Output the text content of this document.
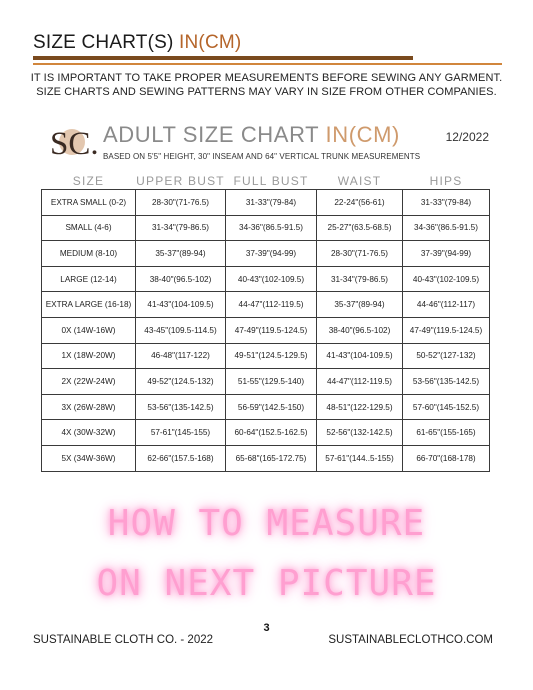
SIZE CHART(S) IN(CM)
IT IS IMPORTANT TO TAKE PROPER MEASUREMENTS BEFORE SEWING ANY GARMENT.
SIZE CHARTS AND SEWING PATTERNS MAY VARY IN SIZE FROM OTHER COMPANIES.
SC. ADULT SIZE CHART IN(CM)	12/2022
BASED ON 5'5" HEIGHT, 30" INSEAM AND 64" VERTICAL TRUNK MEASUREMENTS
SIZE	UPPER BUST	FULL BUST	WAIST	HIPS
EXTRA SMALL (0-2)	28-30"(71-76.5)	31-33"(79-84)	22-24"(56-61)	31-33"(79-84)
SMALL (4-6)	31-34"(79-86.5)	34-36"(86.5-91.5)	25-27"(63.5-68.5)	34-36"(86.5-91.5)
MEDIUM (8-10)	35-37"(89-94)	37-39"(94-99)	28-30"(71-76.5)	37-39"(94-99)
LARGE (12-14)	38-40"(96.5-102)	40-43"(102-109.5)	31-34"(79-86.5)	40-43"(102-109.5)
EXTRA LARGE (16-18)	41-43"(104-109.5)	44-47"(112-119.5)	35-37"(89-94)	44-46"(112-117)
0X (14W-16W)	43-45"(109.5-114.5)	47-49"(119.5-124.5)	38-40"(96.5-102)	47-49"(119.5-124.5)
1X (18W-20W)	46-48"(117-122)	49-51"(124.5-129.5)	41-43"(104-109.5)	50-52"(127-132)
2X (22W-24W)	49-52"(124.5-132)	51-55"(129.5-140)	44-47"(112-119.5)	53-56"(135-142.5)
3X (26W-28W)	53-56"(135-142.5)	56-59"(142.5-150)	48-51"(122-129.5)	57-60"(145-152.5)
4X (30W-32W)	57-61"(145-155)	60-64"(152.5-162.5)	52-56"(132-142.5)	61-65"(155-165)
5X (34W-36W)	62-66"(157.5-168)	65-68"(165-172.75)	57-61"(144..5-155)	66-70"(168-178)
HOW TO MEASURE
ON NEXT PICTURE
3
SUSTAINABLE CLOTH CO. - 2022	SUSTAINABLECLOTHCO.COM
